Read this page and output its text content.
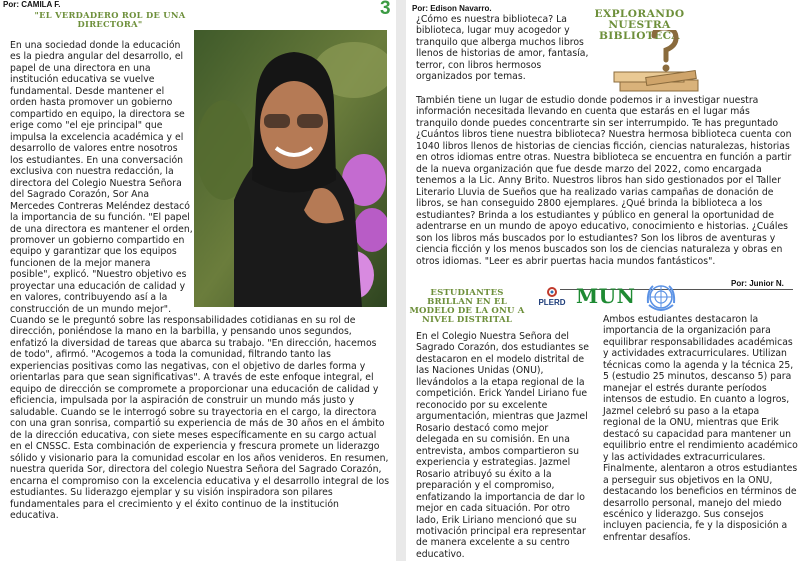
Por: CAMILA F.	3
"EL VERDADERO ROL DE UNA DIRECTORA"

En una sociedad donde la educación es la piedra angular del desarrollo, el papel de una directora en una institución educativa se vuelve fundamental. Desde mantener el orden hasta promover un gobierno compartido en equipo, la directora se erige como "el eje principal" que impulsa la excelencia académica y el desarrollo de valores entre nosotros los estudiantes. En una conversación exclusiva con nuestra redacción, la directora del Colegio Nuestra Señora del Sagrado Corazón, Sor Ana Mercedes Contreras Meléndez destacó la importancia de su función. "El papel de una directora es mantener el orden, promover un gobierno compartido en equipo y garantizar que los equipos funcionen de la mejor manera posible", explicó. "Nuestro objetivo es proyectar una educación de calidad y en valores, contribuyendo así a la construcción de un mundo mejor".

Cuando se le preguntó sobre las responsabilidades cotidianas en su rol de dirección, poniéndose la mano en la barbilla, y pensando unos segundos, enfatizó la diversidad de tareas que abarca su trabajo. "En dirección, hacemos de todo", afirmó. "Acogemos a toda la comunidad, filtrando tanto las experiencias positivas como las negativas, con el objetivo de darles forma y orientarlas para que sean significativas". A través de este enfoque integral, el equipo de dirección se compromete a proporcionar una educación de calidad y eficiencia, impulsada por la aspiración de construir un mundo más justo y saludable. Cuando se le interrogó sobre su trayectoria en el cargo, la directora con una gran sonrisa, compartió su experiencia de más de 30 años en el ámbito de la dirección educativa, con siete meses específicamente en su cargo actual en el CNSSC. Esta combinación de experiencia y frescura promete un liderazgo sólido y visionario para la comunidad escolar en los años venideros. En resumen, nuestra querida Sor, directora del colegio Nuestra Señora del Sagrado Corazón, encarna el compromiso con la excelencia educativa y el desarrollo integral de los estudiantes. Su liderazgo ejemplar y su visión inspiradora son pilares fundamentales para el crecimiento y el éxito continuo de la institución educativa.

Por: Edison Navarro.	EXPLORANDO NUESTRA BIBLIOTECA

¿Cómo es nuestra biblioteca? La biblioteca, lugar muy acogedor y tranquilo que alberga muchos libros llenos de historias de amor, fantasía, terror, con libros hermosos organizados por temas.

También tiene un lugar de estudio donde podemos ir a investigar nuestra información necesitada llevando en cuenta que estarás en el lugar más tranquilo donde puedes concentrarte sin ser interrumpido. Te has preguntado ¿Cuántos libros tiene nuestra biblioteca? Nuestra hermosa biblioteca cuenta con 1040 libros llenos de historias de ciencias ficción, ciencias naturalezas, historias en otros idiomas entre otras. Nuestra biblioteca se encuentra en función a partir de la nueva organización que fue desde marzo del 2022, como encargada tenemos a la Lic. Anny Brito. Nuestros libros han sido gestionados por el Taller Literario Lluvia de Sueños que ha realizado varias campañas de donación de libros, se han conseguido 2800 ejemplares. ¿Qué brinda la biblioteca a los estudiantes? Brinda a los estudiantes y público en general la oportunidad de adentrarse en un mundo de apoyo educativo, conocimiento e historias. ¿Cuáles son los libros más buscados por lo estudiantes? Son los libros de aventuras y ciencia ficción y los menos buscados son los de ciencias naturaleza y obras en otros idiomas. "Leer es abrir puertas hacia mundos fantásticos".

Por: Junior N.
ESTUDIANTES BRILLAN EN EL MODELO DE LA ONU A NIVEL DISTRITAL
PLERD MUN

En el Colegio Nuestra Señora del Sagrado Corazón, dos estudiantes se destacaron en el modelo distrital de las Naciones Unidas (ONU), llevándolos a la etapa regional de la competición. Erick Yandel Liriano fue reconocido por su excelente argumentación, mientras que Jazmel Rosario destacó como mejor delegada en su comisión. En una entrevista, ambos compartieron su experiencia y estrategias. Jazmel Rosario atribuyó su éxito a la preparación y el compromiso, enfatizando la importancia de dar lo mejor en cada situación. Por otro lado, Erik Liriano mencionó que su motivación principal era representar de manera excelente a su centro educativo.

Ambos estudiantes destacaron la importancia de la organización para equilibrar responsabilidades académicas y actividades extracurriculares. Utilizan técnicas como la agenda y la técnica 25, 5 (estudio 25 minutos, descanso 5) para manejar el estrés durante períodos intensos de estudio. En cuanto a logros, Jazmel celebró su paso a la etapa regional de la ONU, mientras que Erik destacó su capacidad para mantener un equilibrio entre el rendimiento académico y las actividades extracurriculares. Finalmente, alentaron a otros estudiantes a perseguir sus objetivos en la ONU, destacando los beneficios en términos de desarrollo personal, manejo del miedo escénico y liderazgo. Sus consejos incluyen paciencia, fe y la disposición a enfrentar desafíos.
